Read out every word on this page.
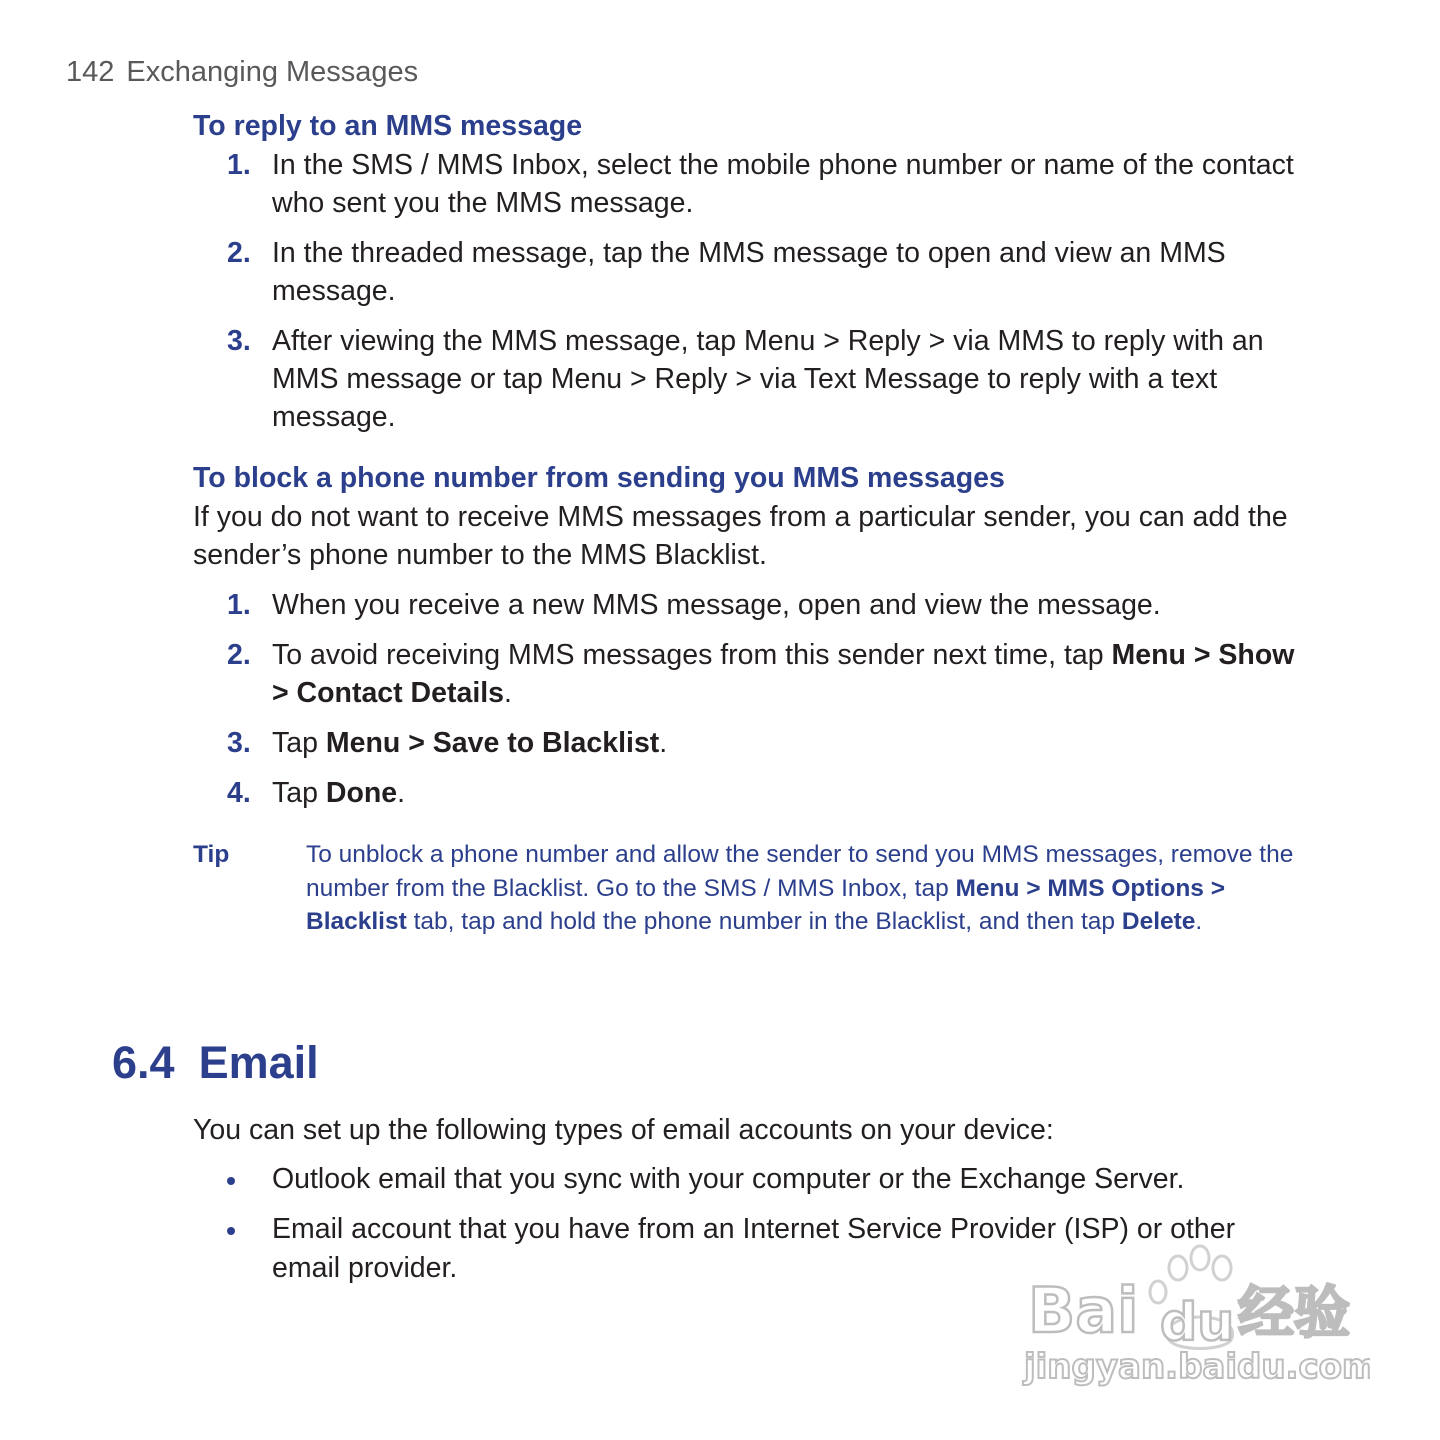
142 Exchanging Messages
To reply to an MMS message
1. In the SMS / MMS Inbox, select the mobile phone number or name of the contact who sent you the MMS message.
2. In the threaded message, tap the MMS message to open and view an MMS message.
3. After viewing the MMS message, tap Menu > Reply > via MMS to reply with an MMS message or tap Menu > Reply > via Text Message to reply with a text message.
To block a phone number from sending you MMS messages

If you do not want to receive MMS messages from a particular sender, you can add the sender’s phone number to the MMS Blacklist.

1. When you receive a new MMS message, open and view the message.
2. To avoid receiving MMS messages from this sender next time, tap Menu > Show > Contact Details.
3. Tap Menu > Save to Blacklist.
4. Tap Done.
Tip	To unblock a phone number and allow the sender to send you MMS messages, remove the number from the Blacklist. Go to the SMS / MMS Inbox, tap Menu > MMS Options > Blacklist tab, tap and hold the phone number in the Blacklist, and then tap Delete.
6.4 Email

You can set up the following types of email accounts on your device:

Outlook email that you sync with your computer or the Exchange Server.
Email account that you have from an Internet Service Provider (ISP) or other email provider.
Bai du 经验
jingyan.baidu.com
